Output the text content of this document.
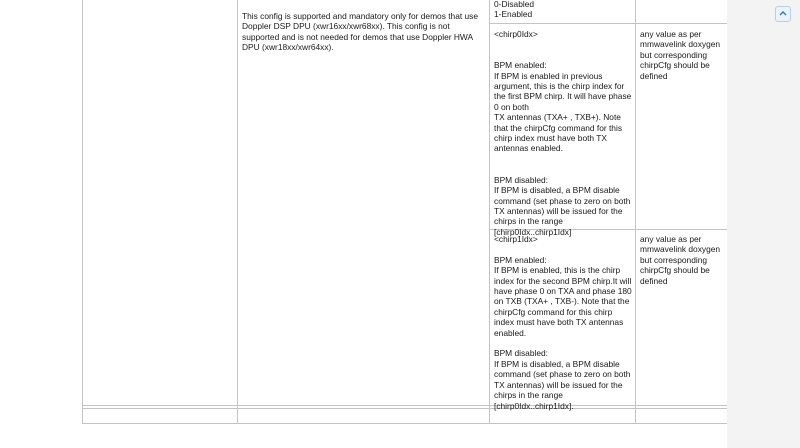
This config is supported and mandatory only for demos that use Doppler DSP DPU (xwr16xx/xwr68xx). This config is not supported and is not needed for demos that use Doppler HWA DPU (xwr18xx/xwr64xx).

0-Disabled
1-Enabled

<chirp0Idx>

BPM enabled:
If BPM is enabled in previous argument, this is the chirp index for the first BPM chirp. It will have phase 0 on both
TX antennas (TXA+ , TXB+). Note that the chirpCfg command for this chirp index must have both TX antennas enabled.

BPM disabled:
If BPM is disabled, a BPM disable command (set phase to zero on both TX antennas) will be issued for the chirps in the range [chirp0Idx..chirp1Idx]

<chirp1Idx>

BPM enabled:
If BPM is enabled, this is the chirp index for the second BPM chirp.It will have phase 0 on TXA and phase 180 on TXB (TXA+ , TXB-). Note that the chirpCfg command for this chirp index must have both TX antennas enabled.

BPM disabled:
If BPM is disabled, a BPM disable command (set phase to zero on both TX antennas) will be issued for the chirps in the range [chirp0Idx..chirp1Idx].

any value as per mmwavelink doxygen but corresponding chirpCfg should be defined

any value as per mmwavelink doxygen but corresponding chirpCfg should be defined
